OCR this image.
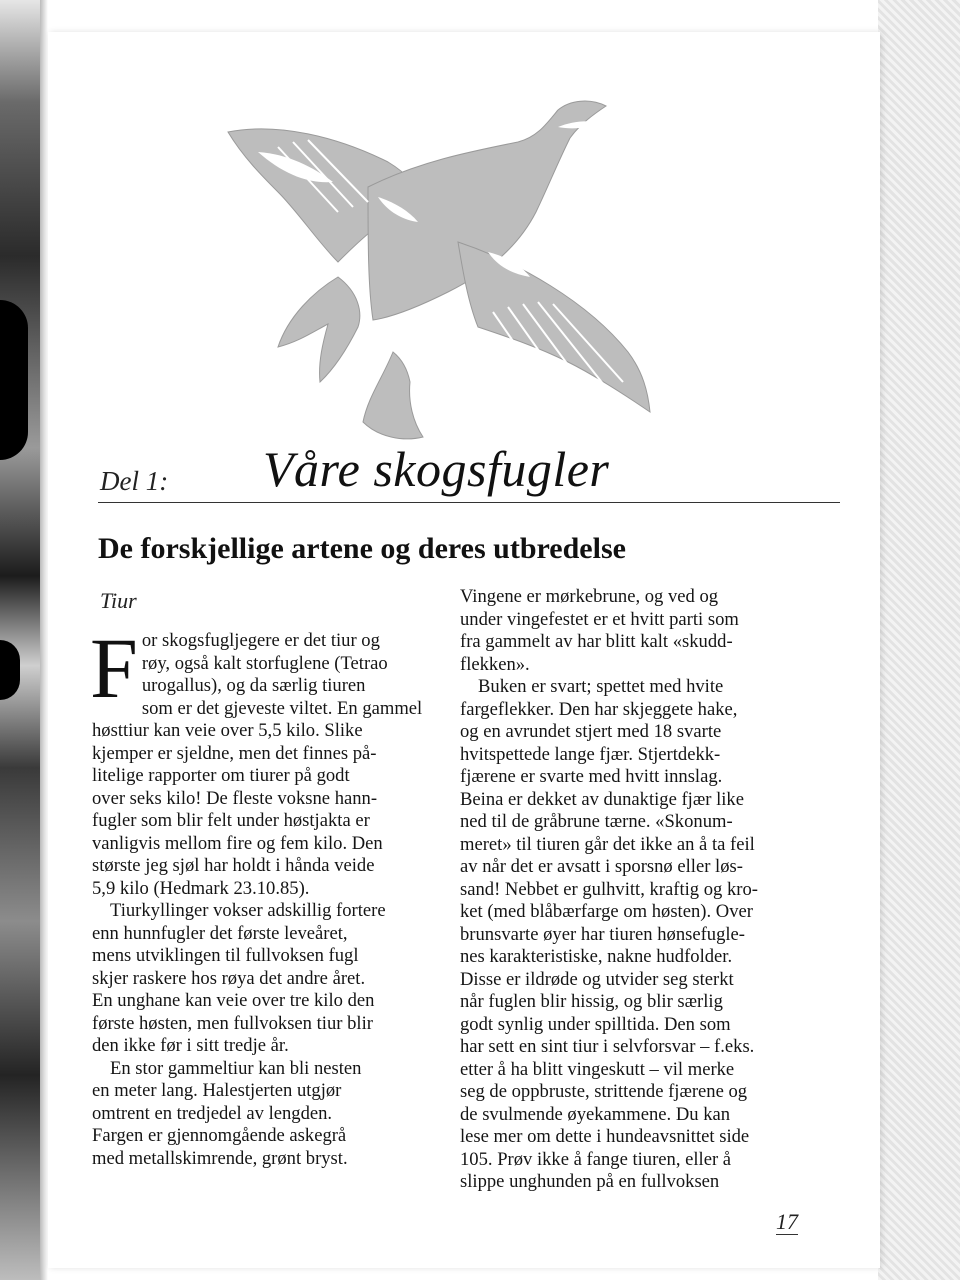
Del 1: Våre skogsfugler
De forskjellige artene og deres utbredelse
Tiur
F or skogsfugljegere er det tiur og
røy, også kalt storfuglene (Tetrao
urogallus), og da særlig tiuren
som er det gjeveste viltet. En gammel
høsttiur kan veie over 5,5 kilo. Slike
kjemper er sjeldne, men det finnes på-
litelige rapporter om tiurer på godt
over seks kilo! De fleste voksne hann-
fugler som blir felt under høstjakta er
vanligvis mellom fire og fem kilo. Den
største jeg sjøl har holdt i hånda veide
5,9 kilo (Hedmark 23.10.85).
Tiurkyllinger vokser adskillig fortere
enn hunnfugler det første leveåret,
mens utviklingen til fullvoksen fugl
skjer raskere hos røya det andre året.
En unghane kan veie over tre kilo den
første høsten, men fullvoksen tiur blir
den ikke før i sitt tredje år.
En stor gammeltiur kan bli nesten
en meter lang. Halestjerten utgjør
omtrent en tredjedel av lengden.
Fargen er gjennomgående askegrå
med metallskimrende, grønt bryst.
Vingene er mørkebrune, og ved og
under vingefestet er et hvitt parti som
fra gammelt av har blitt kalt «skudd-
flekken».
Buken er svart; spettet med hvite
fargeflekker. Den har skjeggete hake,
og en avrundet stjert med 18 svarte
hvitspettede lange fjær. Stjertdekk-
fjærene er svarte med hvitt innslag.
Beina er dekket av dunaktige fjær like
ned til de gråbrune tærne. «Skonum-
meret» til tiuren går det ikke an å ta feil
av når det er avsatt i sporsnø eller løs-
sand! Nebbet er gulhvitt, kraftig og kro-
ket (med blåbærfarge om høsten). Over
brunsvarte øyer har tiuren hønsefugle-
nes karakteristiske, nakne hudfolder.
Disse er ildrøde og utvider seg sterkt
når fuglen blir hissig, og blir særlig
godt synlig under spilltida. Den som
har sett en sint tiur i selvforsvar – f.eks.
etter å ha blitt vingeskutt – vil merke
seg de oppbruste, strittende fjærene og
de svulmende øyekammene. Du kan
lese mer om dette i hundeavsnittet side
105. Prøv ikke å fange tiuren, eller å
slippe unghunden på en fullvoksen
17
